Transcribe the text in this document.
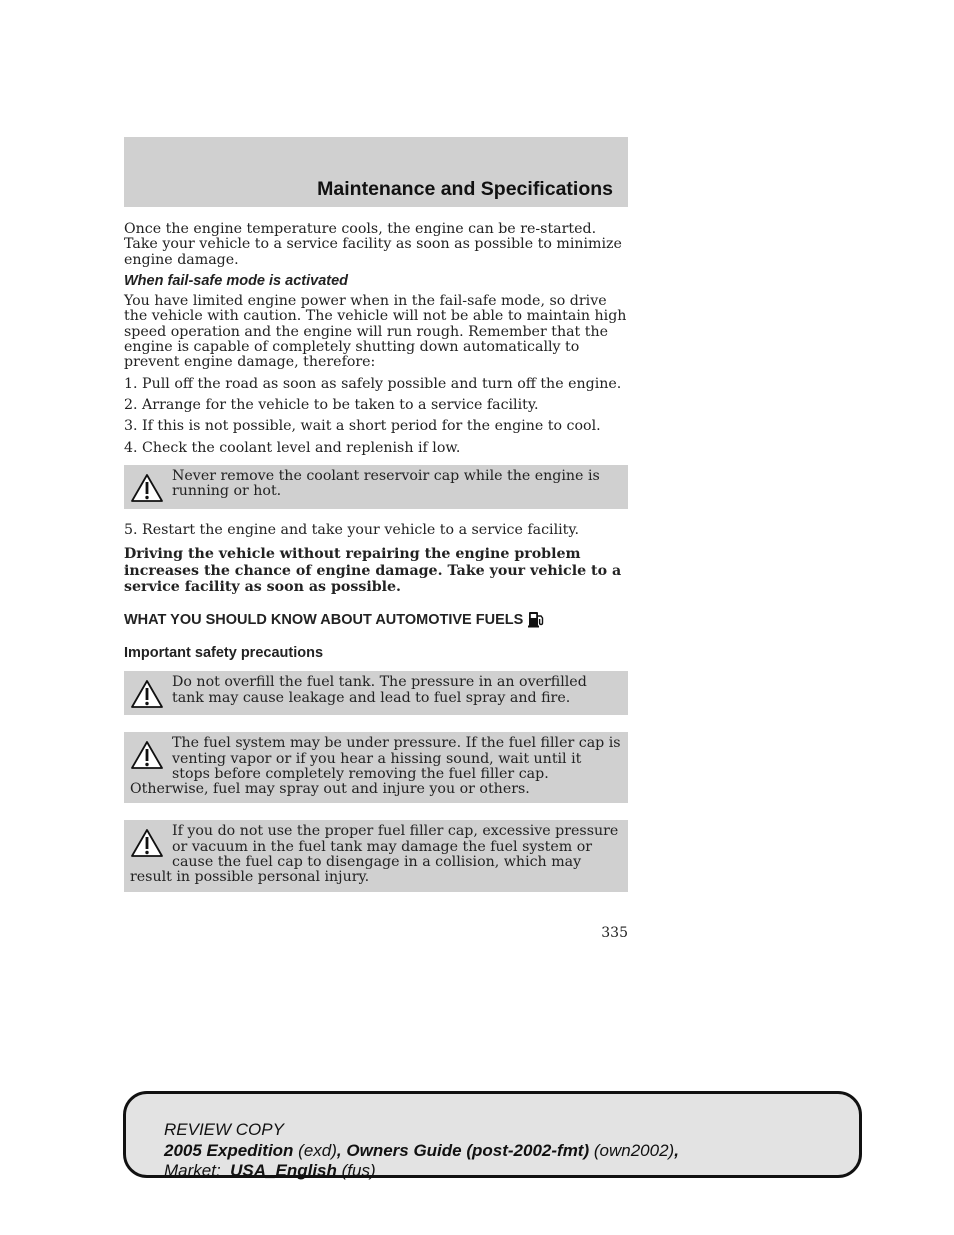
Maintenance and Specifications

Once the engine temperature cools, the engine can be re-started. Take your vehicle to a service facility as soon as possible to minimize engine damage.

When fail-safe mode is activated

You have limited engine power when in the fail-safe mode, so drive the vehicle with caution. The vehicle will not be able to maintain high speed operation and the engine will run rough. Remember that the engine is capable of completely shutting down automatically to prevent engine damage, therefore:

1. Pull off the road as soon as safely possible and turn off the engine.

2. Arrange for the vehicle to be taken to a service facility.

3. If this is not possible, wait a short period for the engine to cool.

4. Check the coolant level and replenish if low.

Never remove the coolant reservoir cap while the engine is running or hot.

5. Restart the engine and take your vehicle to a service facility.

Driving the vehicle without repairing the engine problem increases the chance of engine damage. Take your vehicle to a service facility as soon as possible.

WHAT YOU SHOULD KNOW ABOUT AUTOMOTIVE FUELS

Important safety precautions

Do not overfill the fuel tank. The pressure in an overfilled tank may cause leakage and lead to fuel spray and fire.
The fuel system may be under pressure. If the fuel filler cap is venting vapor or if you hear a hissing sound, wait until it stops before completely removing the fuel filler cap. Otherwise, fuel may spray out and injure you or others.
If you do not use the proper fuel filler cap, excessive pressure or vacuum in the fuel tank may damage the fuel system or cause the fuel cap to disengage in a collision, which may result in possible personal injury.
335
REVIEW COPY
2005 Expedition (exd), Owners Guide (post-2002-fmt) (own2002),
Market: USA_English (fus)
